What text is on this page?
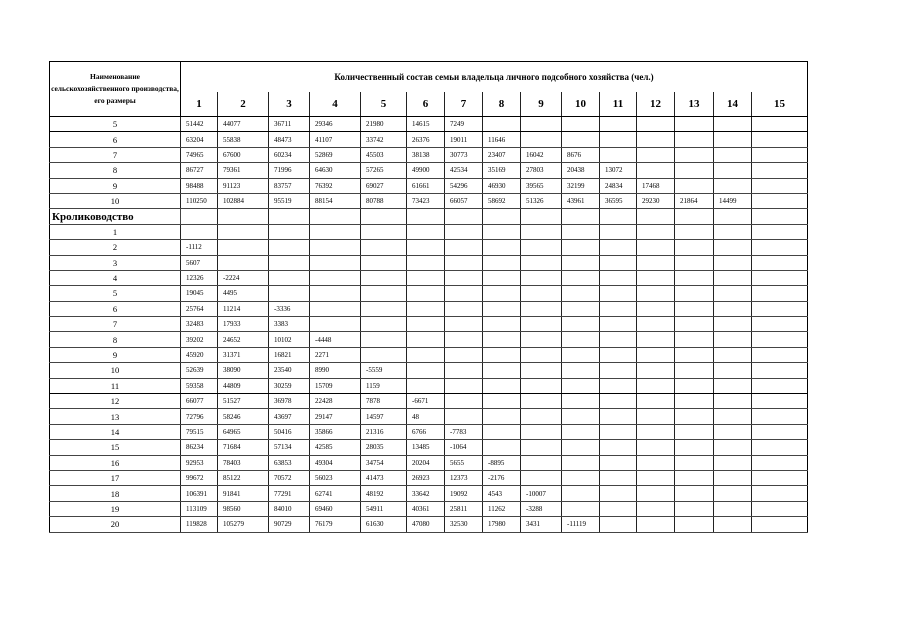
Наименование сельскохозяйственного производства, его размеры	Количественный состав семьи владельца личного подсобного хозяйства (чел.)														
	1	2	3	4	5	6	7	8	9	10	11	12	13	14	15
5	51442	44077	36711	29346	21980	14615	7249								
6	63204	55838	48473	41107	33742	26376	19011	11646							
7	74965	67600	60234	52869	45503	38138	30773	23407	16042	8676					
8	86727	79361	71996	64630	57265	49900	42534	35169	27803	20438	13072				
9	98488	91123	83757	76392	69027	61661	54296	46930	39565	32199	24834	17468			
10	110250	102884	95519	88154	80788	73423	66057	58692	51326	43961	36595	29230	21864	14499	
Кролиководство															
1															
2	-1112														
3	5607														
4	12326	-2224													
5	19045	4495													
6	25764	11214	-3336												
7	32483	17933	3383												
8	39202	24652	10102	-4448											
9	45920	31371	16821	2271											
10	52639	38090	23540	8990	-5559										
11	59358	44809	30259	15709	1159										
12	66077	51527	36978	22428	7878	-6671									
13	72796	58246	43697	29147	14597	48									
14	79515	64965	50416	35866	21316	6766	-7783								
15	86234	71684	57134	42585	28035	13485	-1064								
16	92953	78403	63853	49304	34754	20204	5655	-8895							
17	99672	85122	70572	56023	41473	26923	12373	-2176							
18	106391	91841	77291	62741	48192	33642	19092	4543	-10007						
19	113109	98560	84010	69460	54911	40361	25811	11262	-3288						
20	119828	105279	90729	76179	61630	47080	32530	17980	3431	-11119					
